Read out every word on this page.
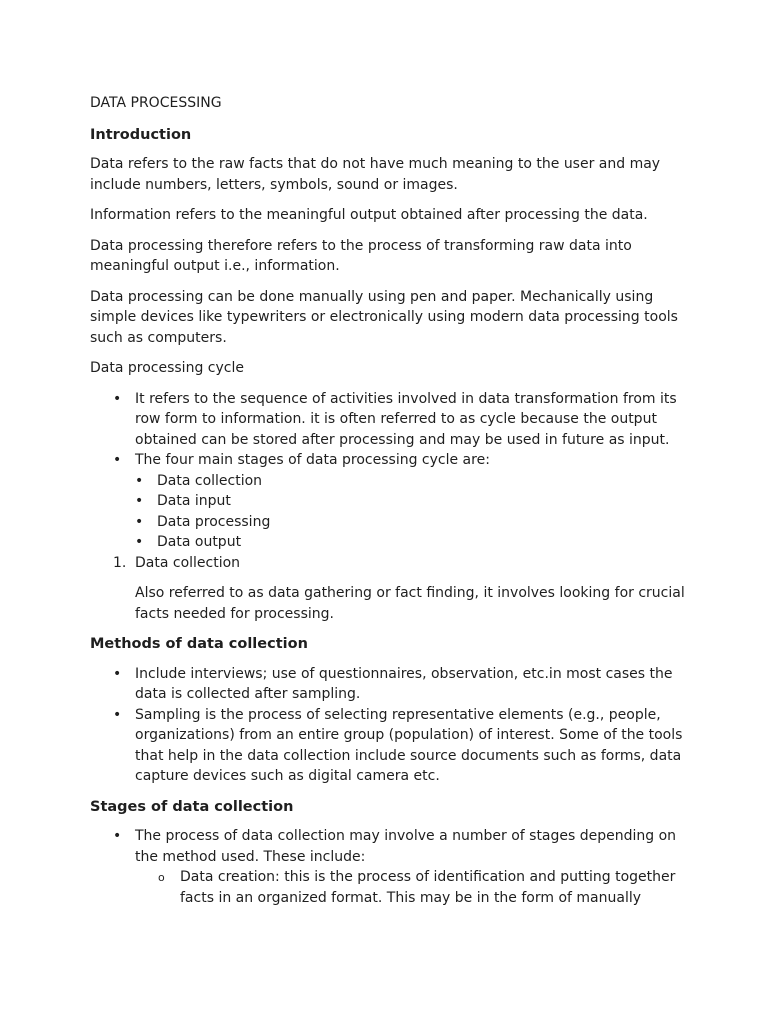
DATA PROCESSING

Introduction

Data refers to the raw facts that do not have much meaning to the user and may include numbers, letters, symbols, sound or images.

Information refers to the meaningful output obtained after processing the data.

Data processing therefore refers to the process of transforming raw data into meaningful output i.e., information.

Data processing can be done manually using pen and paper. Mechanically using simple devices like typewriters or electronically using modern data processing tools such as computers.

Data processing cycle

• It refers to the sequence of activities involved in data transformation from its row form to information. it is often referred to as cycle because the output obtained can be stored after processing and may be used in future as input.
• The four main stages of data processing cycle are:
• Data collection
• Data input
• Data processing
• Data output
1. Data collection

Also referred to as data gathering or fact finding, it involves looking for crucial facts needed for processing.

Methods of data collection

• Include interviews; use of questionnaires, observation, etc.in most cases the data is collected after sampling.
• Sampling is the process of selecting representative elements (e.g., people, organizations) from an entire group (population) of interest. Some of the tools that help in the data collection include source documents such as forms, data capture devices such as digital camera etc.

Stages of data collection

• The process of data collection may involve a number of stages depending on the method used. These include:
o Data creation: this is the process of identification and putting together facts in an organized format. This may be in the form of manually
